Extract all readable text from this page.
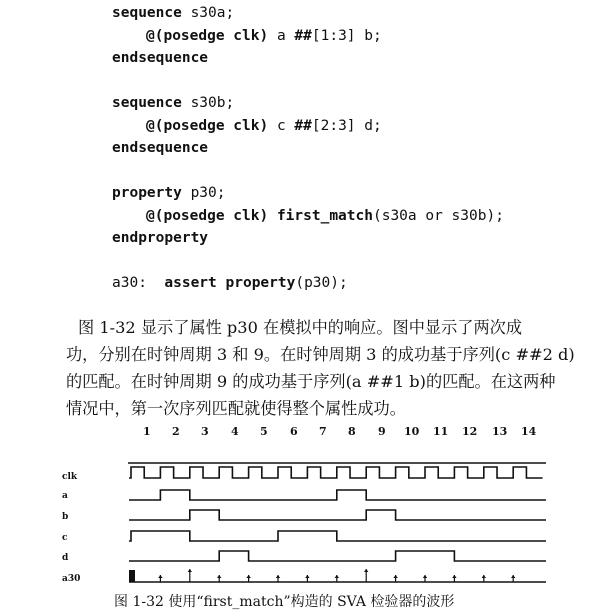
sequence s30a;
@(posedge clk) a ##[1:3] b;
endsequence
sequence s30b;
@(posedge clk) c ##[2:3] d;
endsequence
property p30;
@(posedge clk) first_match(s30a or s30b);
endproperty
a30:  assert property(p30);
图 1-32 显示了属性 p30 在模拟中的响应。图中显示了两次成
功，分别在时钟周期 3 和 9。在时钟周期 3 的成功基于序列(c ##2 d)
的匹配。在时钟周期 9 的成功基于序列(a ##1 b)的匹配。在这两种
情况中，第一次序列匹配就使得整个属性成功。
1 2 3 4 5 6 7 8 9 10 11 12 13 14
clk
a
b
c
d
a30
图 1-32 使用“first_match”构造的 SVA 检验器的波形
